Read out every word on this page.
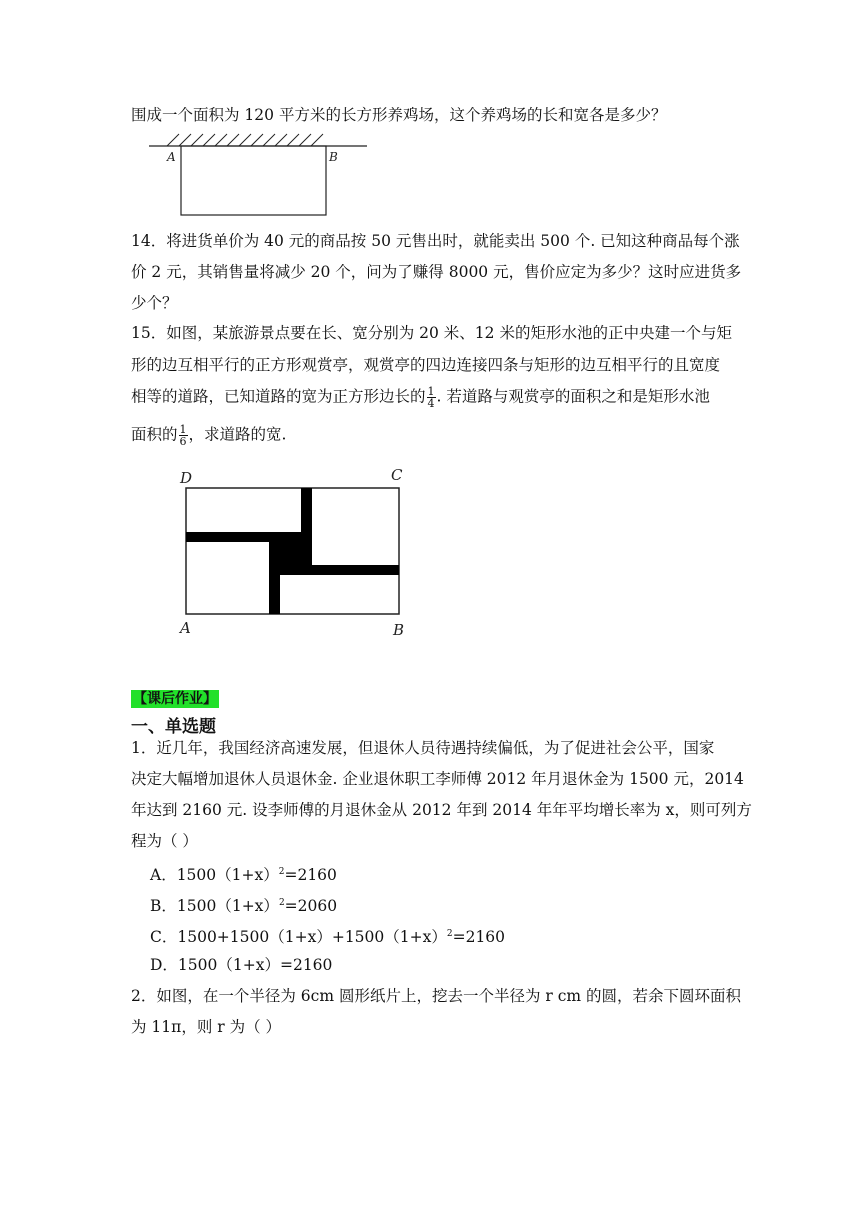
围成一个面积为 120 平方米的长方形养鸡场，这个养鸡场的长和宽各是多少？
A	B
14．将进货单价为 40 元的商品按 50 元售出时，就能卖出 500 个. 已知这种商品每个涨
价 2 元，其销售量将减少 20 个，问为了赚得 8000 元，售价应定为多少？这时应进货多
少个？
15．如图，某旅游景点要在长、宽分别为 20 米、12 米的矩形水池的正中央建一个与矩
形的边互相平行的正方形观赏亭，观赏亭的四边连接四条与矩形的边互相平行的且宽度
相等的道路，已知道路的宽为正方形边长的 $\frac{1}{4}$ . 若道路与观赏亭的面积之和是矩形水池
面积的 $\frac{1}{6}$ ，求道路的宽.
D	C
A	B
【课后作业】
一、单选题
1．近几年，我国经济高速发展，但退休人员待遇持续偏低，为了促进社会公平，国家
决定大幅增加退休人员退休金. 企业退休职工李师傅 2012 年月退休金为 1500 元，2014
年达到 2160 元. 设李师傅的月退休金从 2012 年到 2014 年年平均增长率为 x，则可列方
程为（ ）
A．$1500(1+x)^2=2160$
B．$1500(1+x)^2=2060$
C．$1500+1500(1+x)+1500(1+x)^2=2160$
D．1500（1+x）=2160
2．如图，在一个半径为 6cm 圆形纸片上，挖去一个半径为 r cm 的圆，若余下圆环面积
为 11π，则 r 为（ ）
